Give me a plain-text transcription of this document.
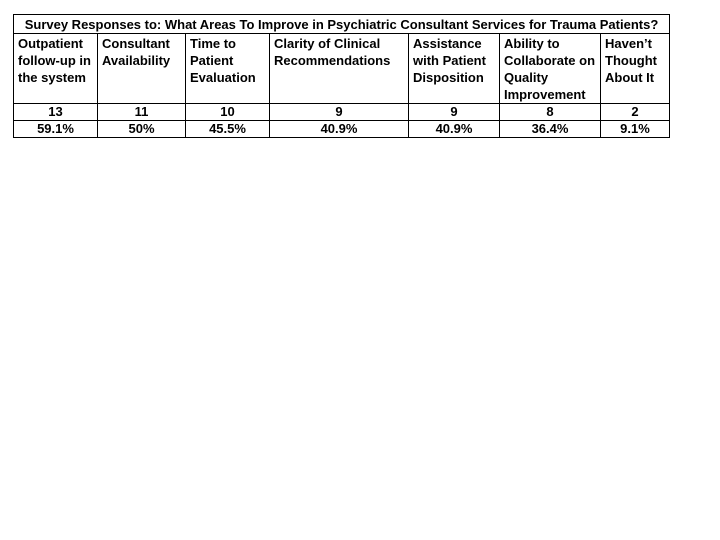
Survey Responses to: What Areas To Improve in Psychiatric Consultant Services for Trauma Patients?						
Outpatient follow-up in the system	Consultant Availability	Time to Patient Evaluation	Clarity of Clinical Recommendations	Assistance with Patient Disposition	Ability to Collaborate on Quality Improvement	Haven’t Thought About It
13	11	10	9	9	8	2
59.1%	50%	45.5%	40.9%	40.9%	36.4%	9.1%
